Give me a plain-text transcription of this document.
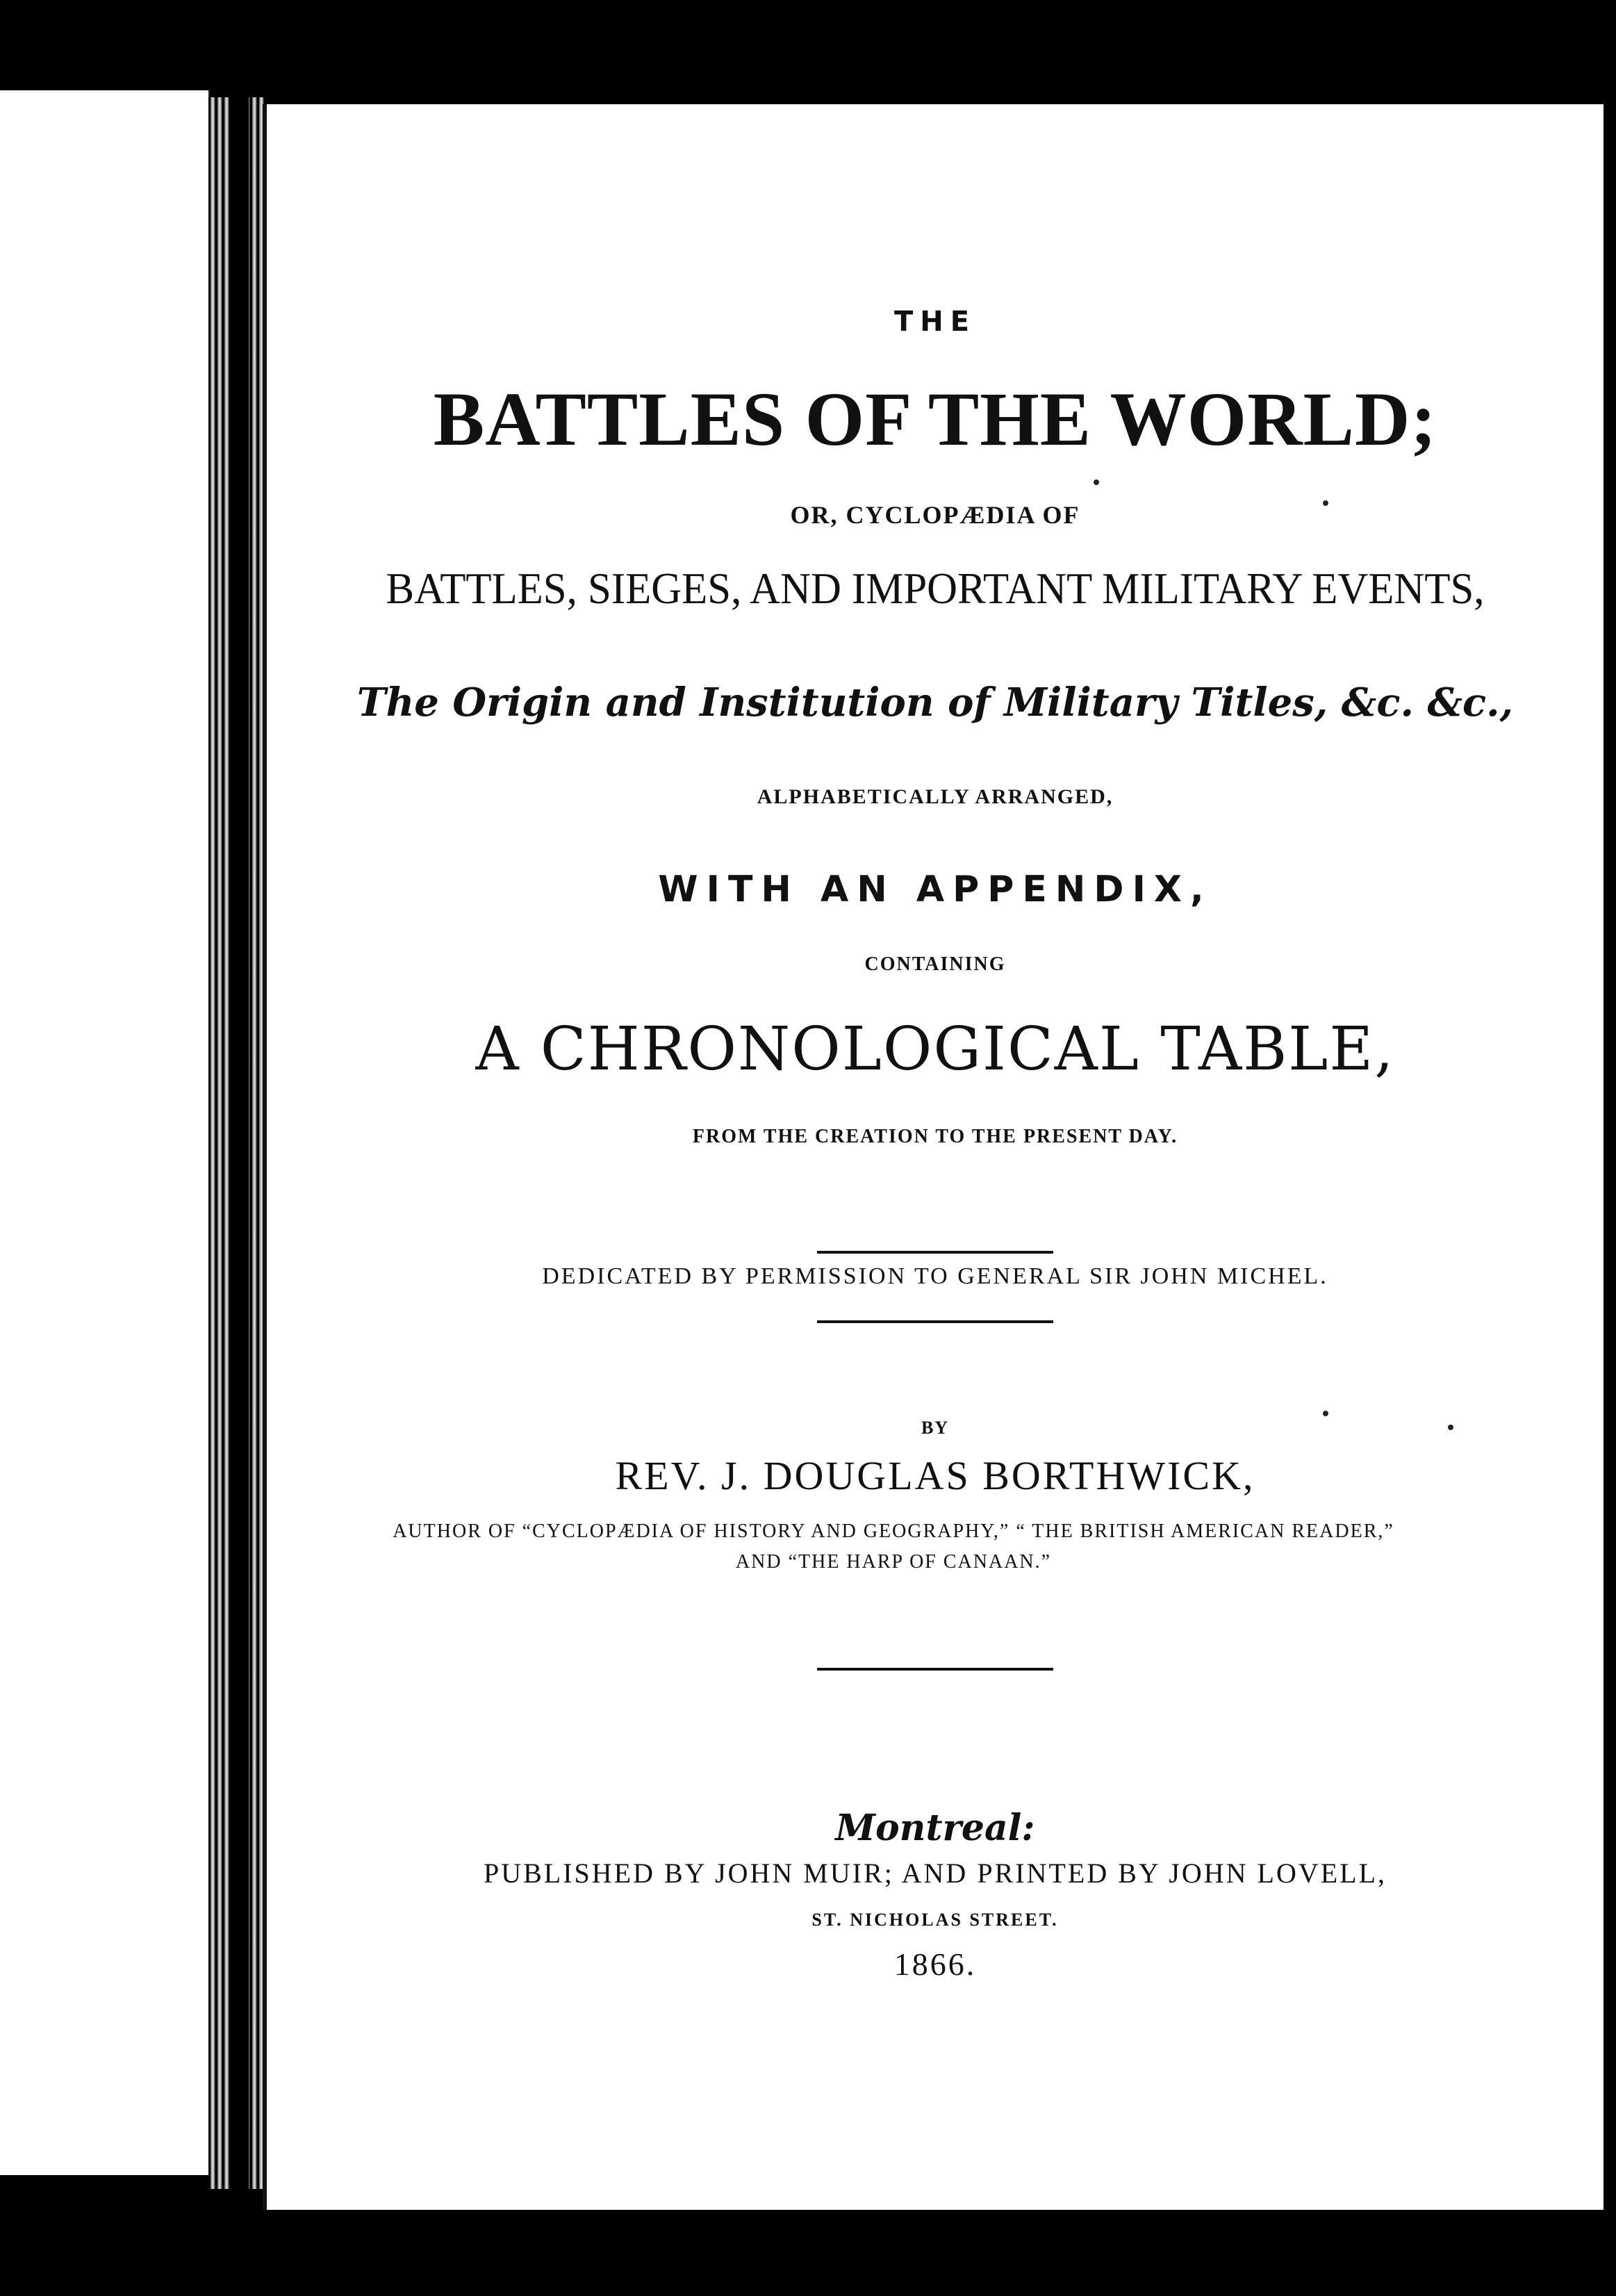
THE
BATTLES OF THE WORLD;
OR, CYCLOPÆDIA OF
BATTLES, SIEGES, AND IMPORTANT MILITARY EVENTS,
The Origin and Institution of Military Titles, &c. &c.,
ALPHABETICALLY ARRANGED,
WITH AN APPENDIX,
CONTAINING
A CHRONOLOGICAL TABLE,
FROM THE CREATION TO THE PRESENT DAY.
DEDICATED BY PERMISSION TO GENERAL SIR JOHN MICHEL.
BY
REV. J. DOUGLAS BORTHWICK,
AUTHOR OF “CYCLOPÆDIA OF HISTORY AND GEOGRAPHY,” “ THE BRITISH AMERICAN READER,” AND “THE HARP OF CANAAN.”
Montreal:
PUBLISHED BY JOHN MUIR; AND PRINTED BY JOHN LOVELL,
ST. NICHOLAS STREET.
1866.
